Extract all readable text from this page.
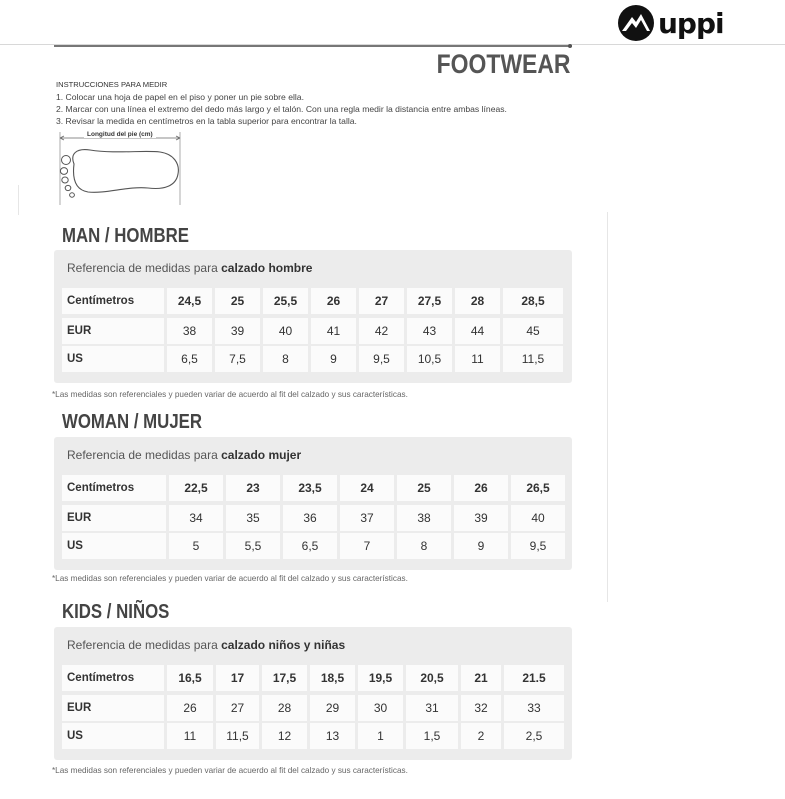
uppi
FOOTWEAR
INSTRUCCIONES PARA MEDIR
1. Colocar una hoja de papel en el piso y poner un pie sobre ella.
2. Marcar con una línea el extremo del dedo más largo y el talón. Con una regla medir la distancia entre ambas líneas.
3. Revisar la medida en centímetros en la tabla superior para encontrar la talla.
Longitud del pie (cm)
MAN / HOMBRE
Referencia de medidas para calzado hombre
Centímetros	24,5	25	25,5	26	27	27,5	28	28,5
EUR	38	39	40	41	42	43	44	45
US	6,5	7,5	8	9	9,5	10,5	11	11,5
*Las medidas son referenciales y pueden variar de acuerdo al fit del calzado y sus características.
WOMAN / MUJER
Referencia de medidas para calzado mujer
Centímetros	22,5	23	23,5	24	25	26	26,5
EUR	34	35	36	37	38	39	40
US	5	5,5	6,5	7	8	9	9,5
*Las medidas son referenciales y pueden variar de acuerdo al fit del calzado y sus características.
KIDS / NIÑOS
Referencia de medidas para calzado niños y niñas
Centímetros	16,5	17	17,5	18,5	19,5	20,5	21	21.5
EUR	26	27	28	29	30	31	32	33
US	11	11,5	12	13	1	1,5	2	2,5
*Las medidas son referenciales y pueden variar de acuerdo al fit del calzado y sus características.
